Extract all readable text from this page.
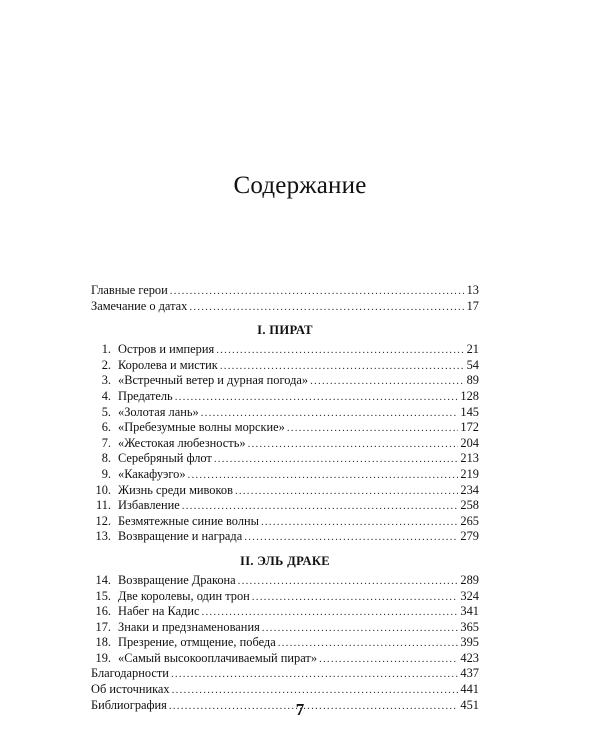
Содержание
Главные герои .....	13
Замечание о датах .....	17
I. ПИРАТ
1. Остров и империя .....	21
2. Королева и мистик .....	54
3. «Встречный ветер и дурная погода» .....	89
4. Предатель .....	128
5. «Золотая лань» .....	145
6. «Пребезумные волны морские» .....	172
7. «Жестокая любезность» .....	204
8. Серебряный флот .....	213
9. «Какафуэго» .....	219
10. Жизнь среди мивоков .....	234
11. Избавление .....	258
12. Безмятежные синие волны .....	265
13. Возвращение и награда .....	279
II. ЭЛЬ ДРАКЕ
14. Возвращение Дракона .....	289
15. Две королевы, один трон .....	324
16. Набег на Кадис .....	341
17. Знаки и предзнаменования .....	365
18. Презрение, отмщение, победа .....	395
19. «Самый высокооплачиваемый пират» .....	423
Благодарности .....	437
Об источниках .....	441
Библиография .....	451
7
